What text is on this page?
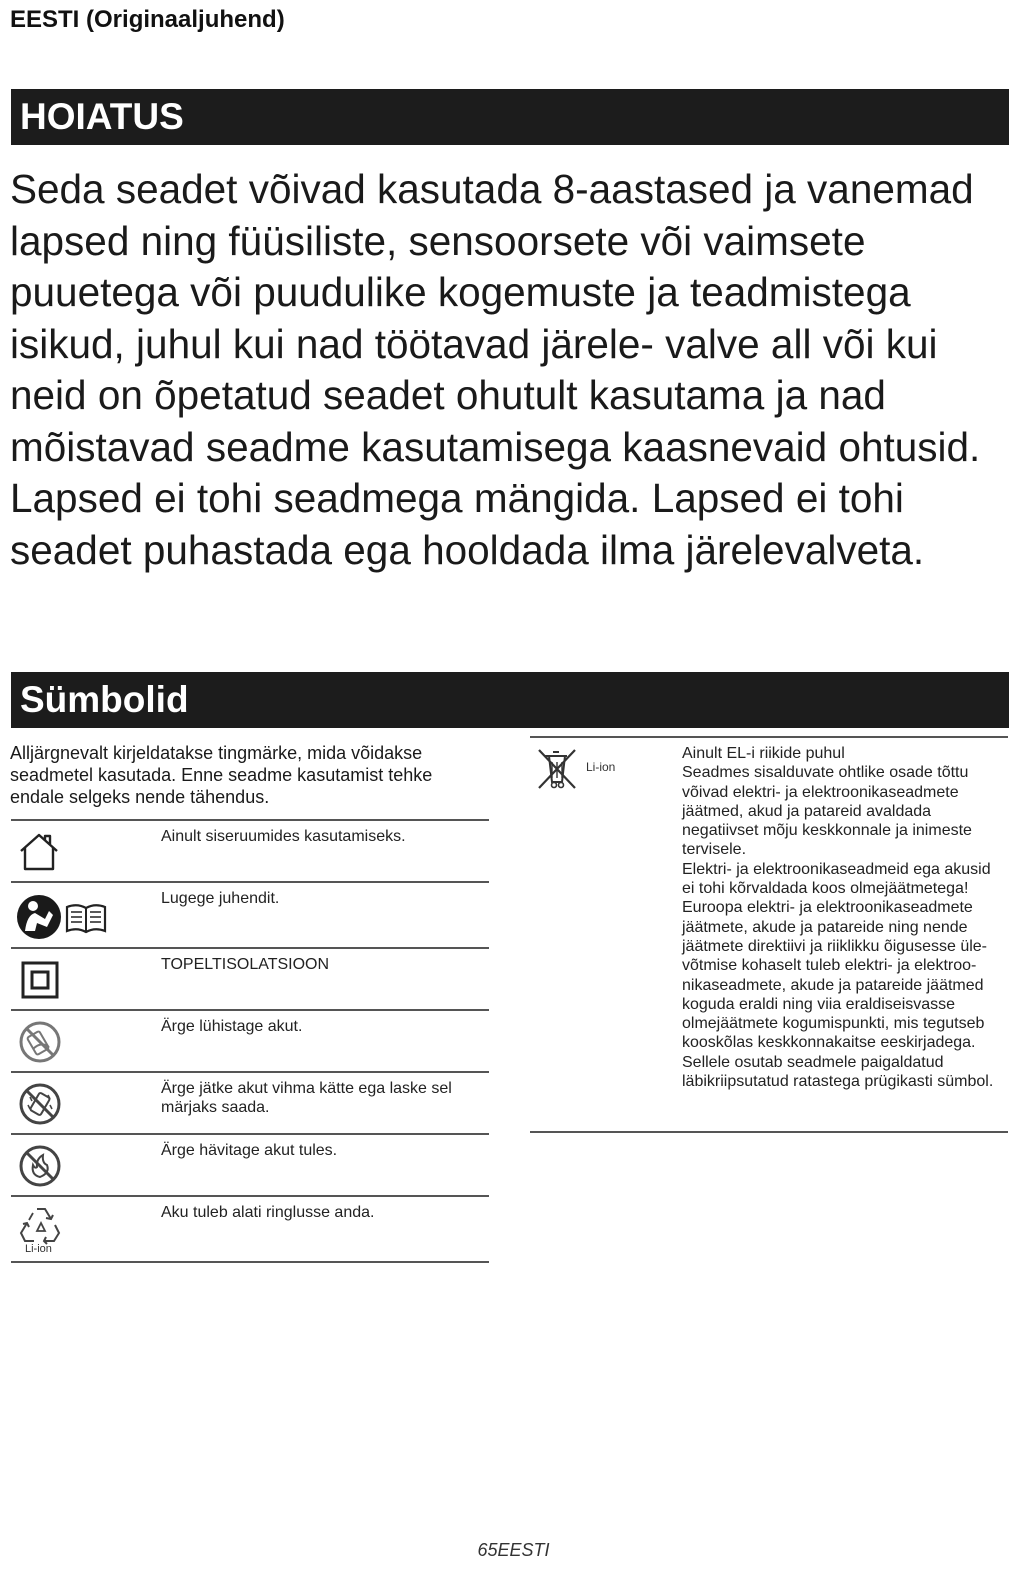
EESTI (Originaaljuhend)
HOIATUS
Seda seadet võivad kasutada 8-aastased ja vanemad lapsed ning füüsiliste, sensoorsete või vaimsete puuetega või puudulike kogemuste ja teadmistega isikud, juhul kui nad töötavad järele- valve all või kui neid on õpetatud seadet ohutult kasutama ja nad mõistavad seadme kasutamisega kaasnevaid ohtusid. Lapsed ei tohi seadmega mängida. Lapsed ei tohi seadet puhastada ega hooldada ilma järelevalveta.
Sümbolid
Alljärgnevalt kirjeldatakse tingmärke, mida võidakse seadmetel kasutada. Enne seadme kasutamist tehke endale selgeks nende tähendus.
Ainult siseruumides kasutamiseks.
Lugege juhendit.
TOPELTISOLATSIOON
Ärge lühistage akut.
Ärge jätke akut vihma kätte ega laske sel märjaks saada.
Ärge hävitage akut tules.
Li-ion
Aku tuleb alati ringlusse anda.
Li-ion

Ainult EL-i riikide puhul

Seadmes sisalduvate ohtlike osade tõttu võivad elektri- ja elektroonikaseadmete jäätmed, akud ja patareid avaldada negatiivset mõju keskkonnale ja inimeste tervisele.

Elektri- ja elektroonikaseadmeid ega akusid ei tohi kõrvaldada koos olmejäätmetega!

Euroopa elektri- ja elektroonikaseadmete jäätmete, akude ja patareide ning nende jäätmete direktiivi ja riiklikku õigusesse üle- võtmise kohaselt tuleb elektri- ja elektroo- nikaseadmete, akude ja patareide jäätmed koguda eraldi ning viia eraldiseisvasse olmejäätmete kogumispunkti, mis tegutseb kooskõlas keskkonnakaitse eeskirjadega.

Sellele osutab seadmele paigaldatud läbikriipsutatud ratastega prügikasti sümbol.

65EESTI
